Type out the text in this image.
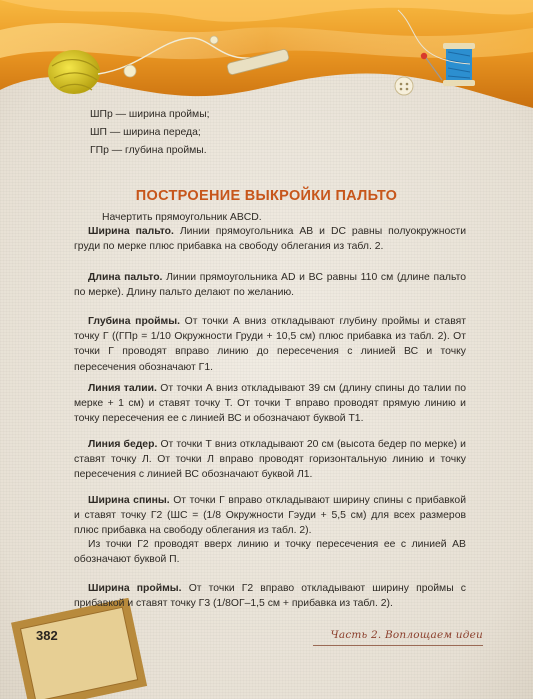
ШПр — ширина проймы;
ШП — ширина переда;
ГПр — глубина проймы.
ПОСТРОЕНИЕ ВЫКРОЙКИ ПАЛЬТО

Начертить прямоугольник ABCD.

Ширина пальто. Линии прямоугольника AB и DC равны полуокружности груди по мерке плюс прибавка на свободу облегания из табл. 2.

Длина пальто. Линии прямоугольника AD и BC равны 110 см (длине пальто по мерке). Длину пальто делают по желанию.

Глубина проймы. От точки А вниз откладывают глубину проймы и ставят точку Г ((ГПр = 1/10 Окружности Груди + 10,5 см) плюс прибавка из табл. 2). От точки Г проводят вправо линию до пересечения с линией ВС и точку пересечения обозначают Г1.

Линия талии. От точки А вниз откладывают 39 см (длину спины до талии по мерке + 1 см) и ставят точку Т. От точки Т вправо проводят прямую линию и точку пересечения ее с линией ВС и обозначают буквой Т1.

Линия бедер. От точки Т вниз откладывают 20 см (высота бедер по мерке) и ставят точку Л. От точки Л вправо проводят горизонтальную линию и точку пересечения с линией ВС обозначают буквой Л1.

Ширина спины. От точки Г вправо откладывают ширину спины с прибавкой и ставят точку Г2 (ШС = (1/8 Окружности Гэуди + 5,5 см) для всех размеров плюс прибавка на свободу облегания из табл. 2).

Из точки Г2 проводят вверх линию и точку пересечения ее с линией АВ обозначают буквой П.

Ширина проймы. От точки Г2 вправо откладывают ширину проймы с прибавкой и ставят точку Г3 (1/8ОГ–1,5 см + прибавка из табл. 2).

382	Часть 2. Воплощаем идеи
